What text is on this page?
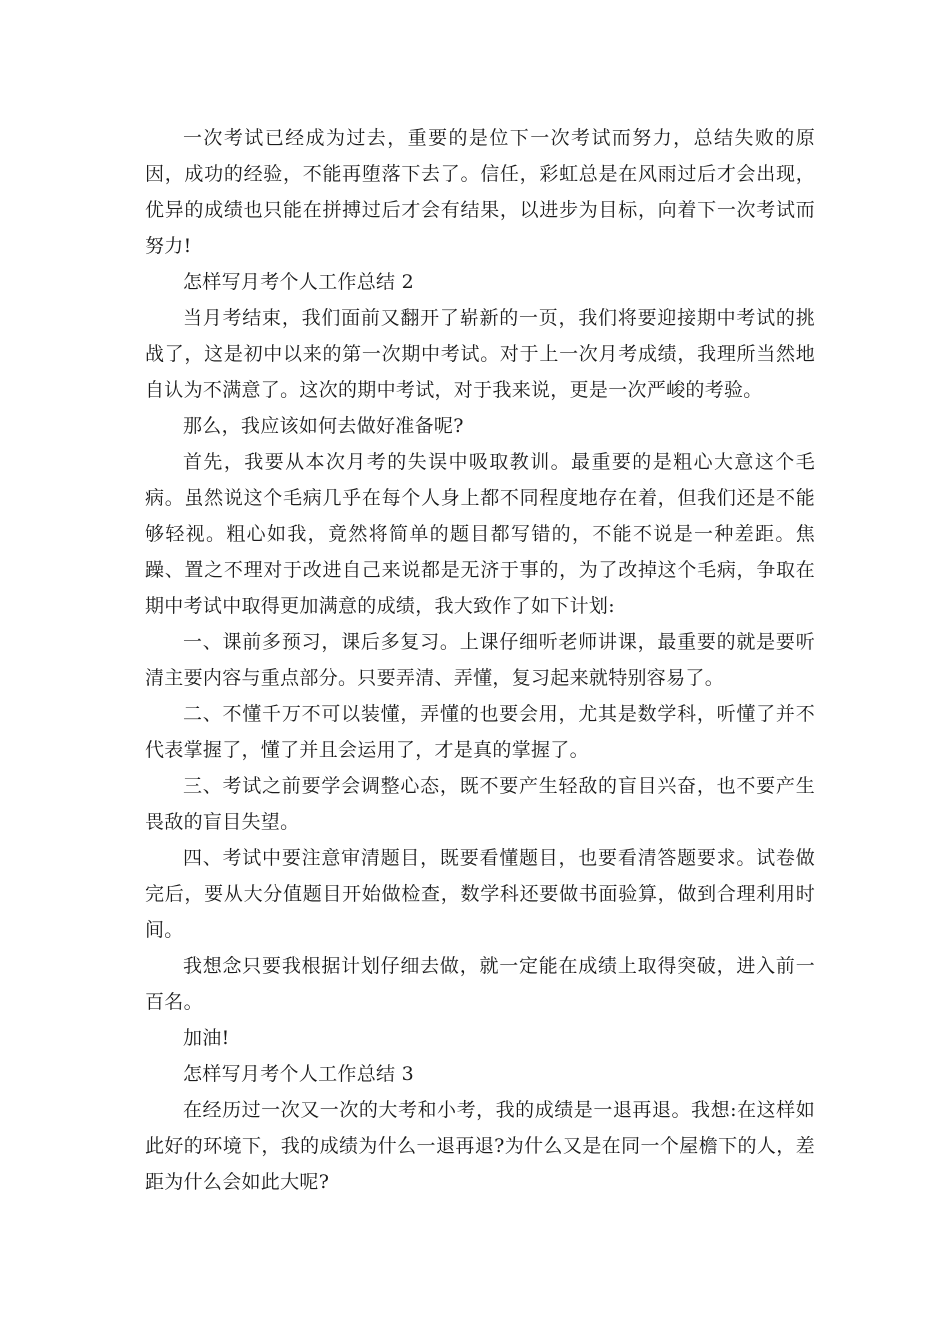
一次考试已经成为过去，重要的是位下一次考试而努力，总结失败的原因，成功的经验，不能再堕落下去了。信任，彩虹总是在风雨过后才会出现，优异的成绩也只能在拼搏过后才会有结果，以进步为目标，向着下一次考试而努力!

怎样写月考个人工作总结 2

当月考结束，我们面前又翻开了崭新的一页，我们将要迎接期中考试的挑战了，这是初中以来的第一次期中考试。对于上一次月考成绩，我理所当然地自认为不满意了。这次的期中考试，对于我来说，更是一次严峻的考验。

那么，我应该如何去做好准备呢?

首先，我要从本次月考的失误中吸取教训。最重要的是粗心大意这个毛病。虽然说这个毛病几乎在每个人身上都不同程度地存在着，但我们还是不能够轻视。粗心如我，竟然将简单的题目都写错的，不能不说是一种差距。焦躁、置之不理对于改进自己来说都是无济于事的，为了改掉这个毛病，争取在期中考试中取得更加满意的成绩，我大致作了如下计划:

一、课前多预习，课后多复习。上课仔细听老师讲课，最重要的就是要听清主要内容与重点部分。只要弄清、弄懂，复习起来就特别容易了。

二、不懂千万不可以装懂，弄懂的也要会用，尤其是数学科，听懂了并不代表掌握了，懂了并且会运用了，才是真的掌握了。

三、考试之前要学会调整心态，既不要产生轻敌的盲目兴奋，也不要产生畏敌的盲目失望。

四、考试中要注意审清题目，既要看懂题目，也要看清答题要求。试卷做完后，要从大分值题目开始做检查，数学科还要做书面验算，做到合理利用时间。

我想念只要我根据计划仔细去做，就一定能在成绩上取得突破，进入前一百名。

加油!

怎样写月考个人工作总结 3

在经历过一次又一次的大考和小考，我的成绩是一退再退。我想:在这样如此好的环境下，我的成绩为什么一退再退?为什么又是在同一个屋檐下的人，差距为什么会如此大呢?
